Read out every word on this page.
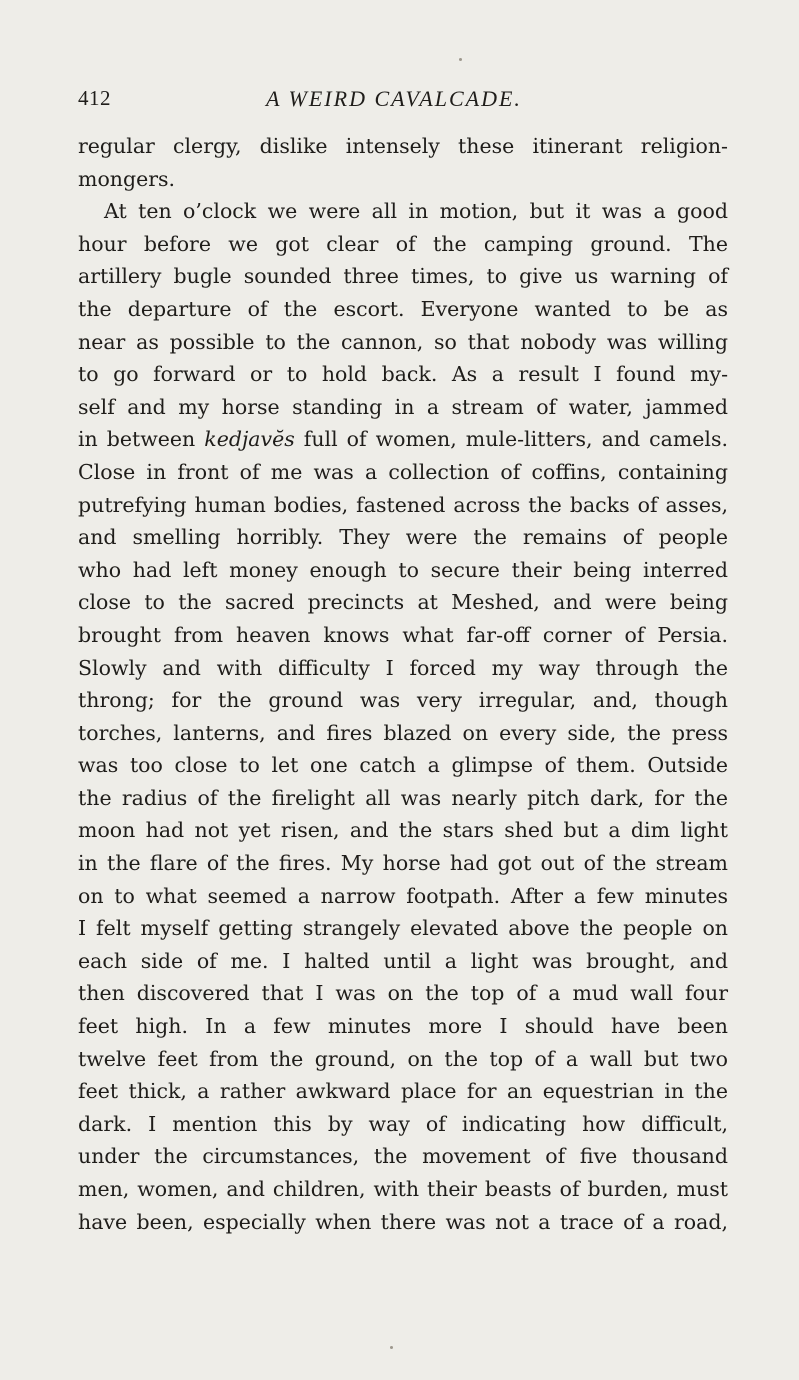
412	A WEIRD CAVALCADE.
regular clergy, dislike intensely these itinerant religion-
mongers.
At ten o’clock we were all in motion, but it was a good
hour before we got clear of the camping ground. The
artillery bugle sounded three times, to give us warning of
the departure of the escort. Everyone wanted to be as
near as possible to the cannon, so that nobody was willing
to go forward or to hold back. As a result I found my-
self and my horse standing in a stream of water, jammed
in between kedjavĕs full of women, mule-litters, and camels.
Close in front of me was a collection of coffins, containing
putrefying human bodies, fastened across the backs of asses,
and smelling horribly. They were the remains of people
who had left money enough to secure their being interred
close to the sacred precincts at Meshed, and were being
brought from heaven knows what far-off corner of Persia.
Slowly and with difficulty I forced my way through the
throng; for the ground was very irregular, and, though
torches, lanterns, and fires blazed on every side, the press
was too close to let one catch a glimpse of them. Outside
the radius of the firelight all was nearly pitch dark, for the
moon had not yet risen, and the stars shed but a dim light
in the flare of the fires. My horse had got out of the stream
on to what seemed a narrow footpath. After a few minutes
I felt myself getting strangely elevated above the people on
each side of me. I halted until a light was brought, and
then discovered that I was on the top of a mud wall four
feet high. In a few minutes more I should have been
twelve feet from the ground, on the top of a wall but two
feet thick, a rather awkward place for an equestrian in the
dark. I mention this by way of indicating how difficult,
under the circumstances, the movement of five thousand
men, women, and children, with their beasts of burden, must
have been, especially when there was not a trace of a road,
